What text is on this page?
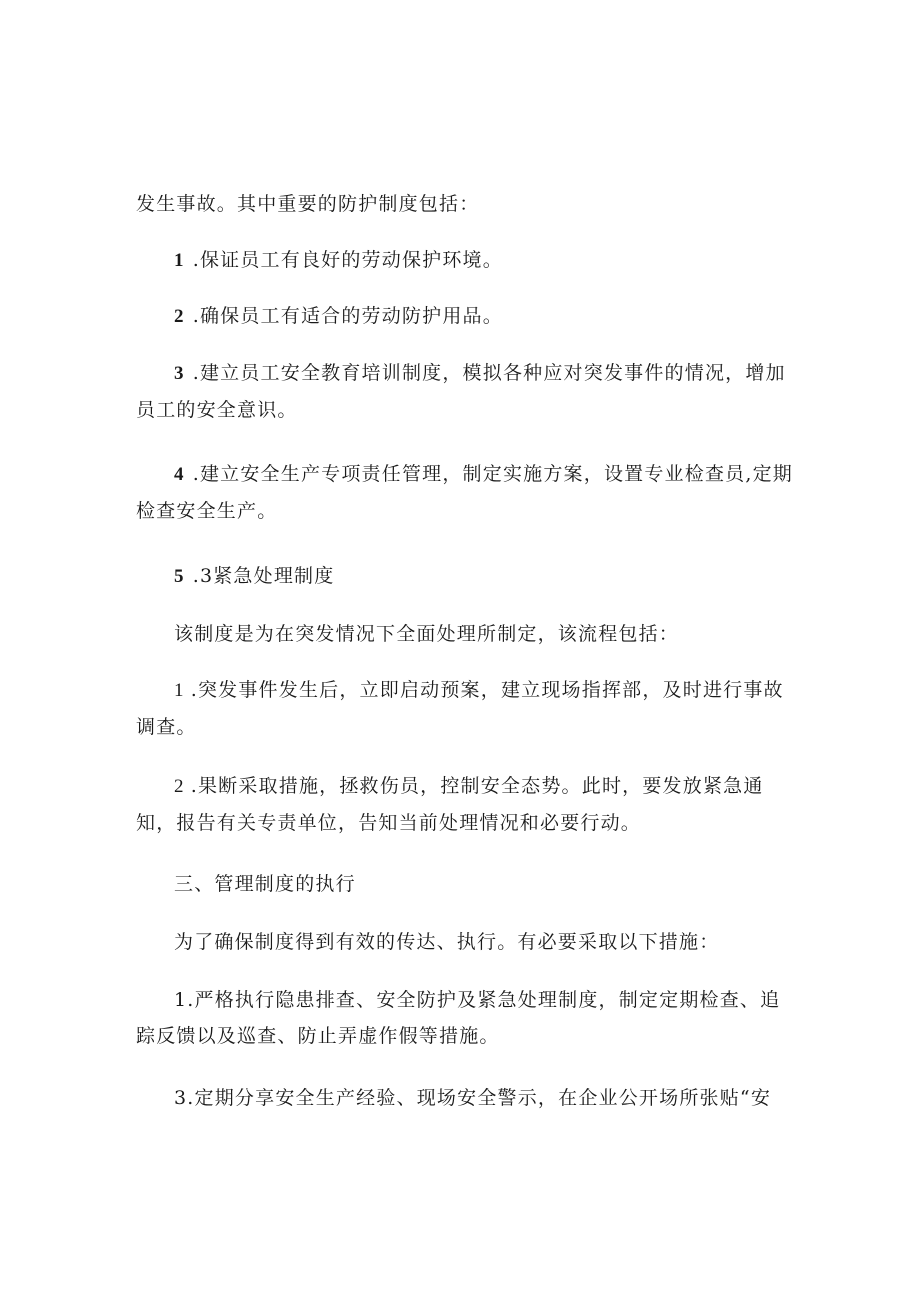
发生事故。其中重要的防护制度包括：

1 .保证员工有良好的劳动保护环境。

2 .确保员工有适合的劳动防护用品。

3 .建立员工安全教育培训制度，模拟各种应对突发事件的情况，增加员工的安全意识。

4 .建立安全生产专项责任管理，制定实施方案，设置专业检查员,定期检查安全生产。

5 .3紧急处理制度

该制度是为在突发情况下全面处理所制定，该流程包括：

1 .突发事件发生后，立即启动预案，建立现场指挥部，及时进行事故调查。

2 .果断采取措施，拯救伤员，控制安全态势。此时，要发放紧急通知，报告有关专责单位，告知当前处理情况和必要行动。

三、管理制度的执行

为了确保制度得到有效的传达、执行。有必要采取以下措施：

1.严格执行隐患排查、安全防护及紧急处理制度，制定定期检查、追踪反馈以及巡查、防止弄虚作假等措施。

3.定期分享安全生产经验、现场安全警示，在企业公开场所张贴“安
